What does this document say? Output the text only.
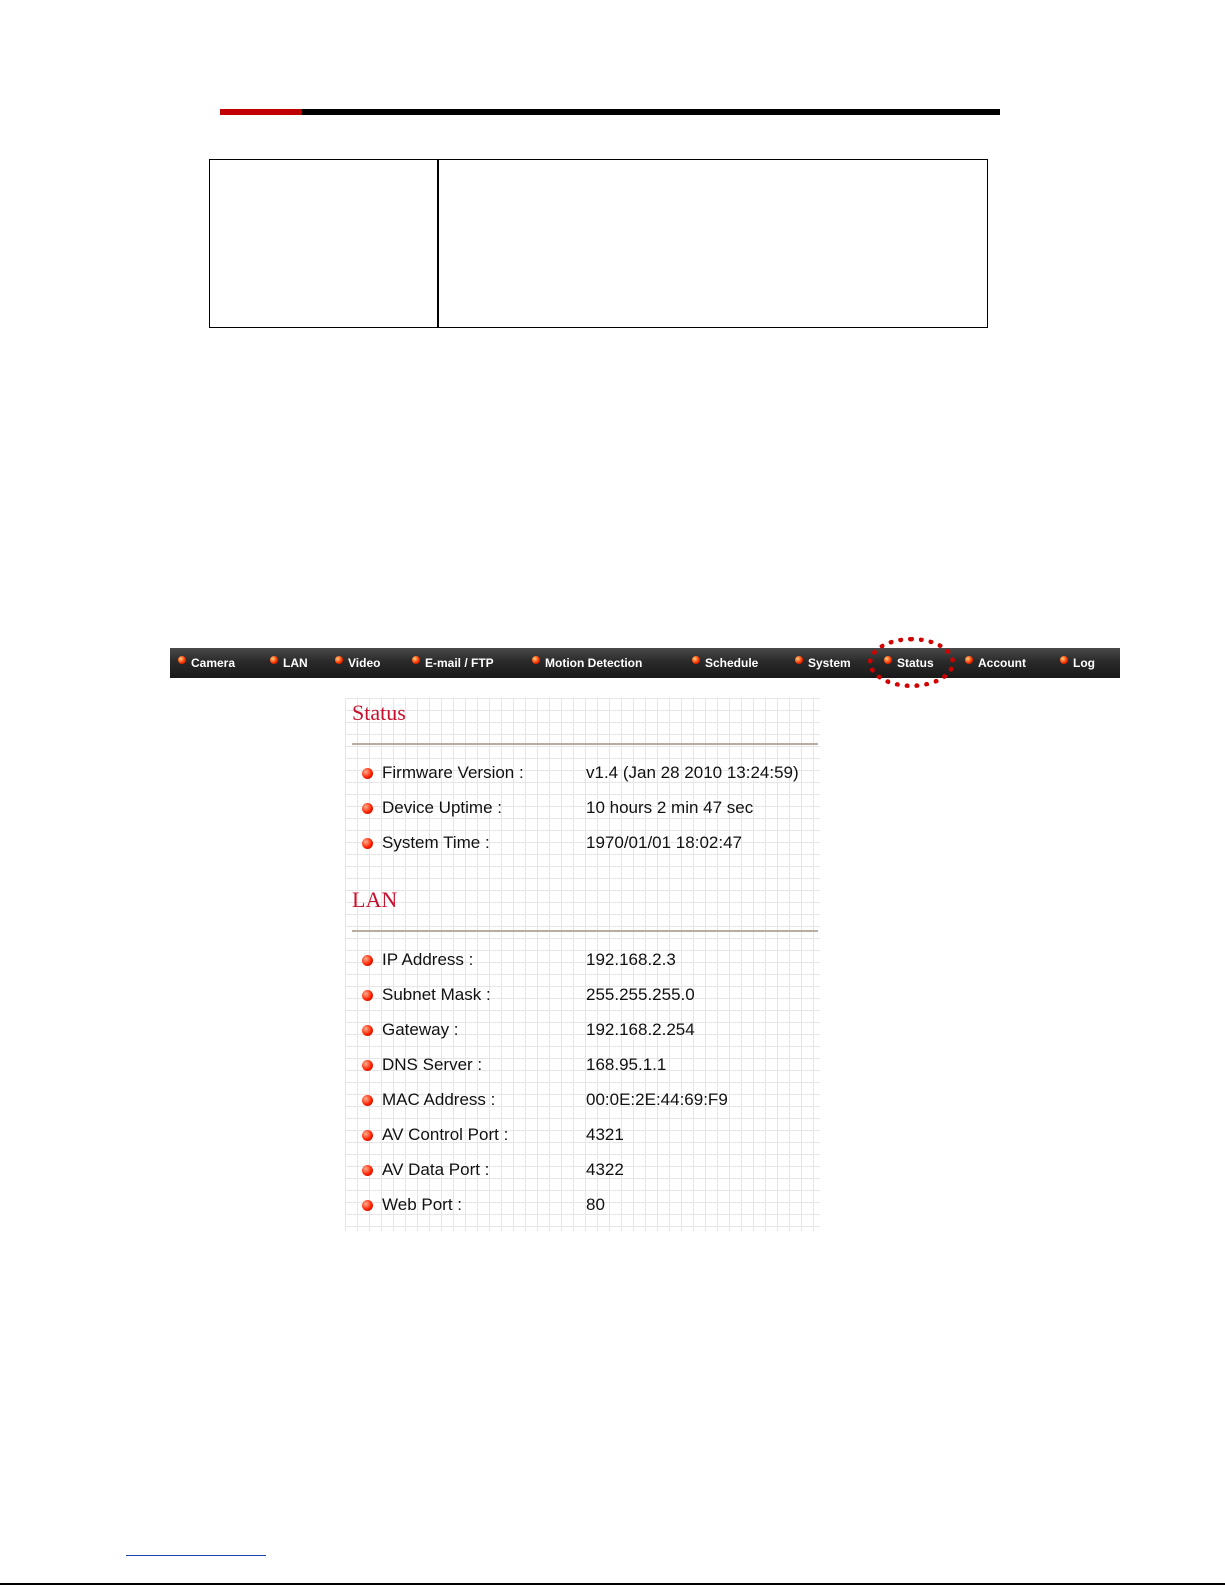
Camera	LAN	Video	E-mail / FTP	Motion Detection	Schedule	System	Status	Account	Log
Status
Firmware Version :	v1.4 (Jan 28 2010 13:24:59)
Device Uptime :	10 hours 2 min 47 sec
System Time :	1970/01/01 18:02:47
LAN
IP Address :	192.168.2.3
Subnet Mask :	255.255.255.0
Gateway :	192.168.2.254
DNS Server :	168.95.1.1
MAC Address :	00:0E:2E:44:69:F9
AV Control Port :	4321
AV Data Port :	4322
Web Port :	80
